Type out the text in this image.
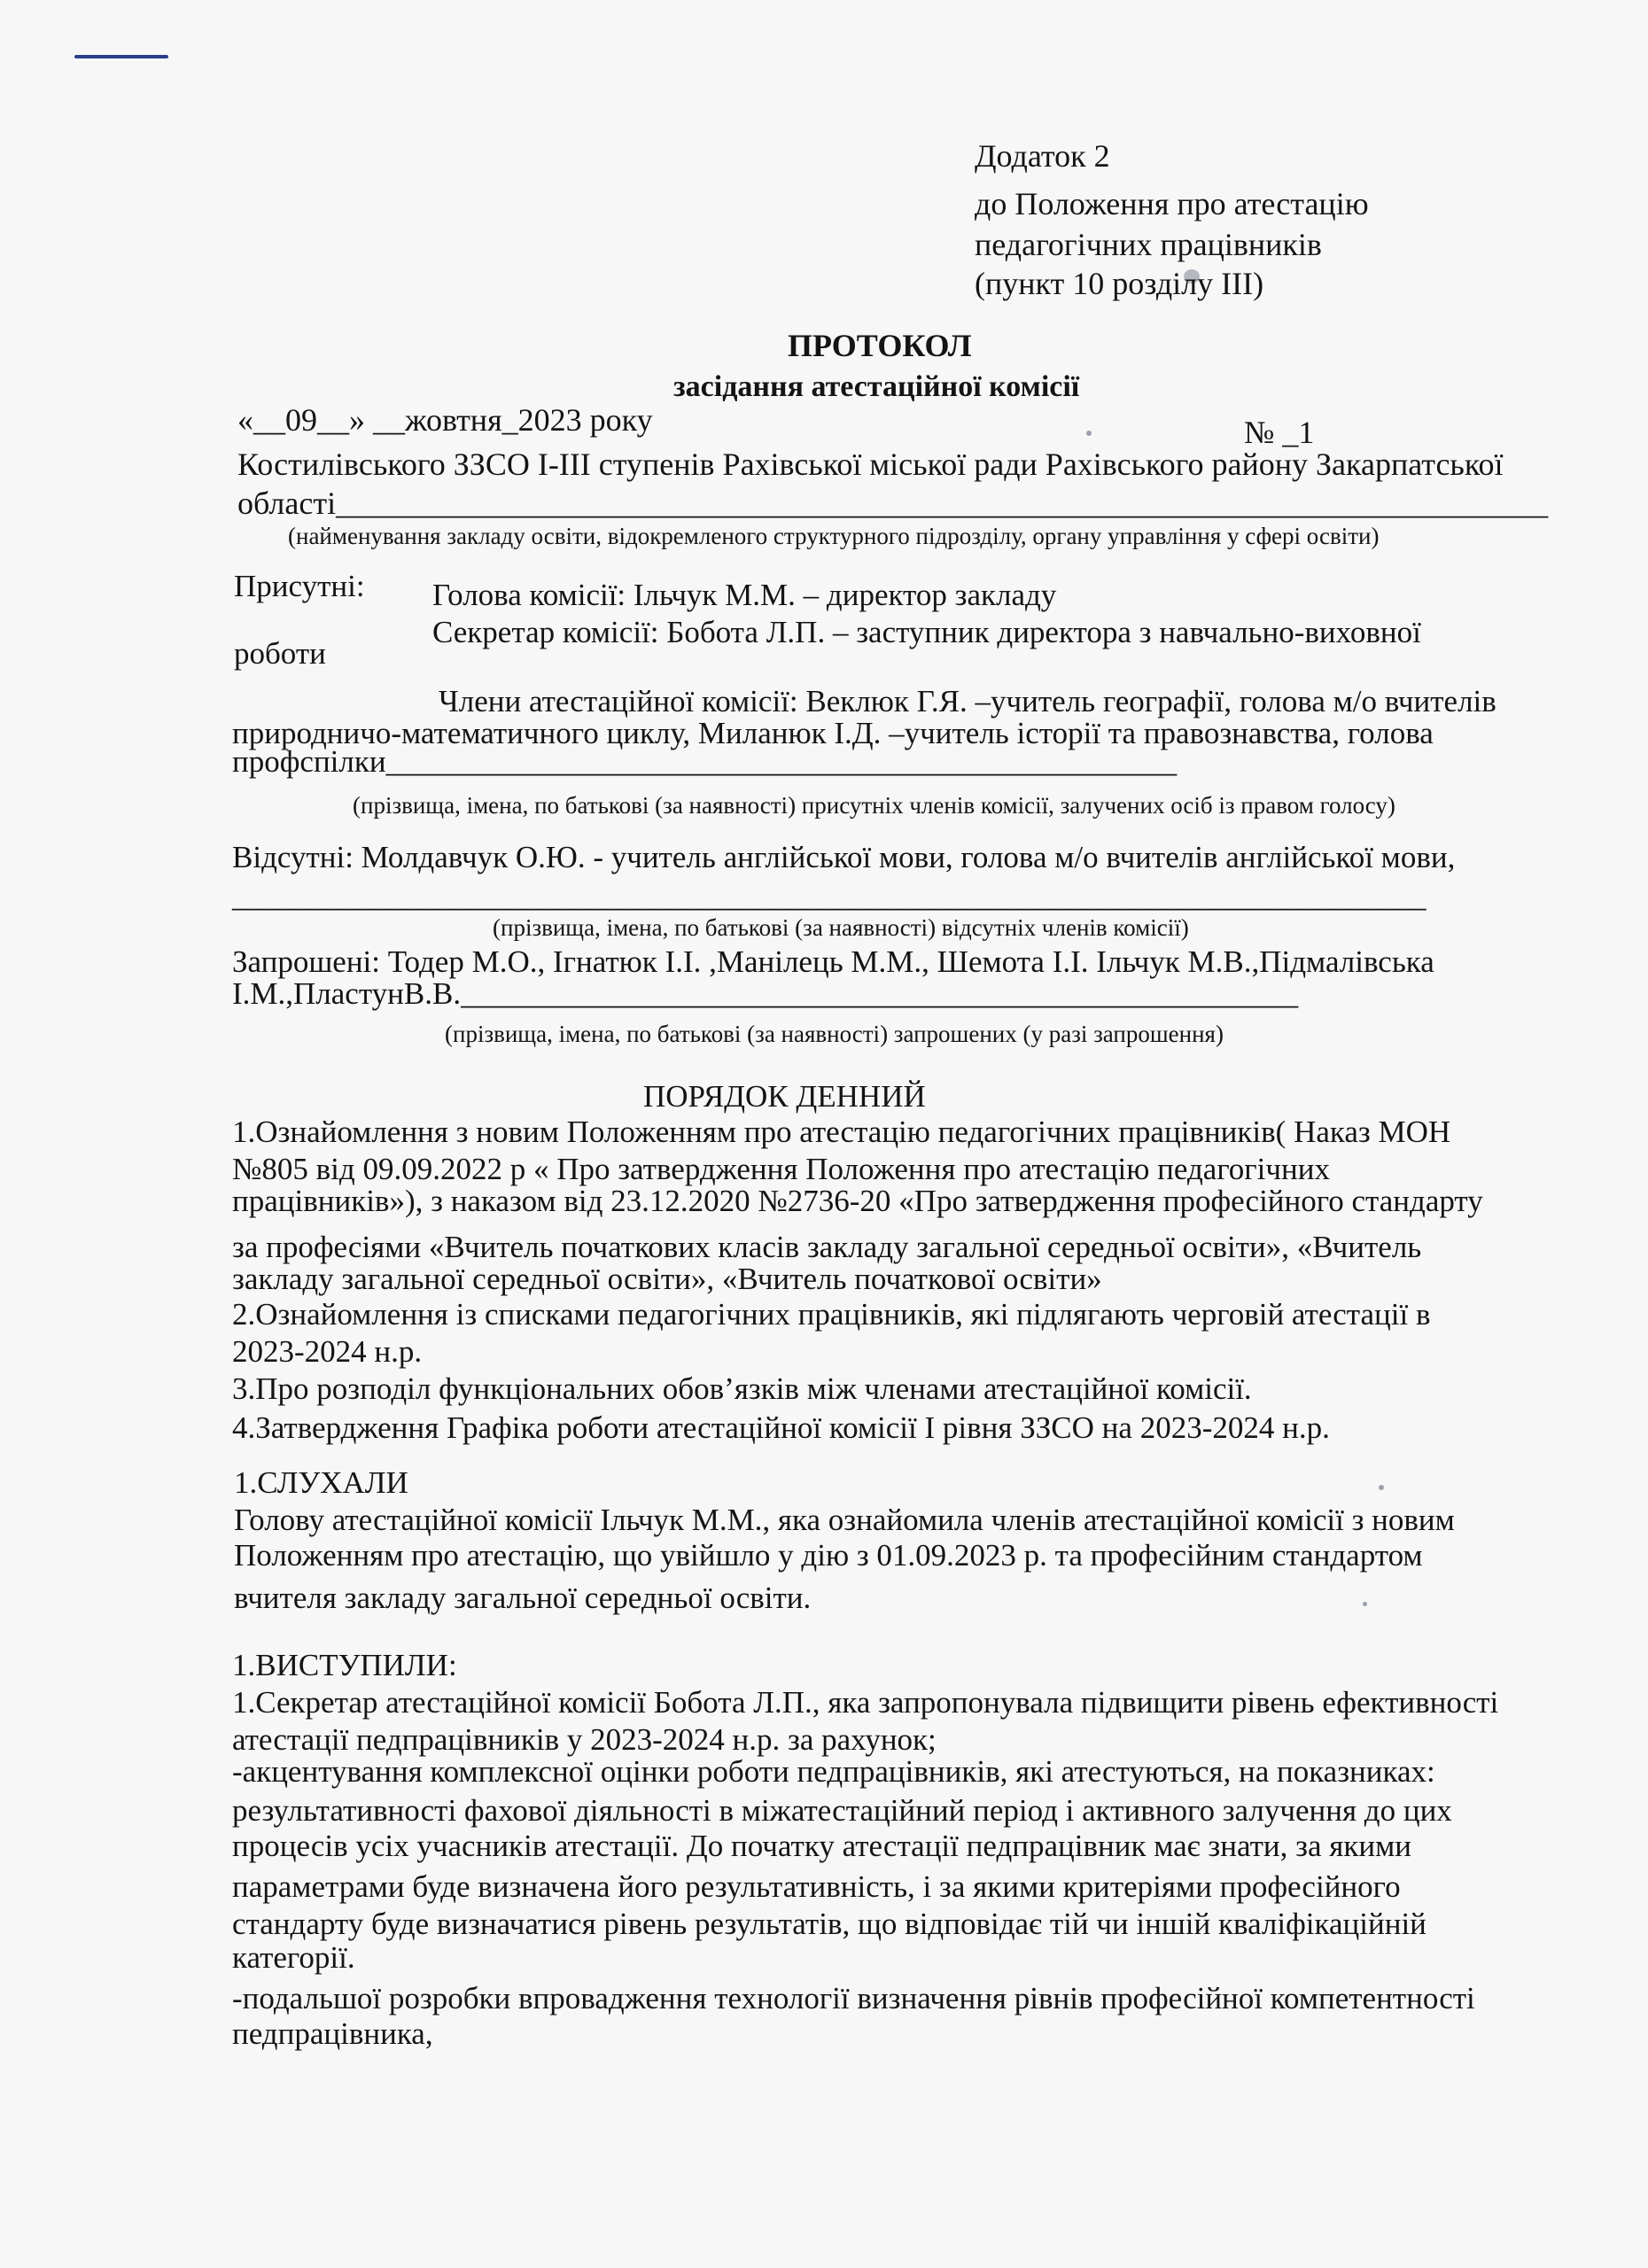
Додаток 2
до Положення про атестацію
педагогічних працівників
(пункт 10 розділу III)
ПРОТОКОЛ
засідання атестаційної комісії
«__09__» __жовтня_2023 року	№ _1
Костилівського ЗЗСО І-ІІІ ступенів Рахівської міської ради Рахівського району Закарпатської
області____________________________________________________________________________
(найменування закладу освіти, відокремленого структурного підрозділу, органу управління у сфері освіти)
Присутні: Голова комісії: Ільчук М.М. – директор закладу
Секретар комісії: Бобота Л.П. – заступник директора з навчально-виховної
роботи
Члени атестаційної комісії: Веклюк Г.Я. –учитель географії, голова м/о вчителів
природничо-математичного циклу, Миланюк І.Д. –учитель історії та правознавства, голова
профспілки___________________________________________________
(прізвища, імена, по батькові (за наявності) присутніх членів комісії, залучених осіб із правом голосу)
Відсутні: Молдавчук О.Ю. - учитель англійської мови, голова м/о вчителів англійської мови,
_____________________________________________________________________________
(прізвища, імена, по батькові (за наявності) відсутніх членів комісії)
Запрошені: Тодер М.О., Ігнатюк І.І. ,Манілець М.М., Шемота І.І. Ільчук М.В.,Підмалівська
І.М.,ПластунВ.В.______________________________________________________
(прізвища, імена, по батькові (за наявності) запрошених (у разі запрошення)
ПОРЯДОК ДЕННИЙ
1.Ознайомлення з новим Положенням про атестацію педагогічних працівників( Наказ МОН
№805 від 09.09.2022 р « Про затвердження Положення про атестацію педагогічних
працівників»), з наказом від 23.12.2020 №2736-20 «Про затвердження професійного стандарту
за професіями «Вчитель початкових класів закладу загальної середньої освіти», «Вчитель
закладу загальної середньої освіти», «Вчитель початкової освіти»
2.Ознайомлення із списками педагогічних працівників, які підлягають черговій атестації в
2023-2024 н.р.
3.Про розподіл функціональних обов’язків між членами атестаційної комісії.
4.Затвердження Графіка роботи атестаційної комісії І рівня ЗЗСО на 2023-2024 н.р.
1.СЛУХАЛИ
Голову атестаційної комісії Ільчук М.М., яка ознайомила членів атестаційної комісії з новим
Положенням про атестацію, що увійшло у дію з 01.09.2023 р. та професійним стандартом
вчителя закладу загальної середньої освіти.
1.ВИСТУПИЛИ:
1.Секретар атестаційної комісії Бобота Л.П., яка запропонувала підвищити рівень ефективності
атестації педпрацівників у 2023-2024 н.р. за рахунок;
-акцентування комплексної оцінки роботи педпрацівників, які атестуються, на показниках:
результативності фахової діяльності в міжатестаційний період і активного залучення до цих
процесів усіх учасників атестації. До початку атестації педпрацівник має знати, за якими
параметрами буде визначена його результативність, і за якими критеріями професійного
стандарту буде визначатися рівень результатів, що відповідає тій чи іншій кваліфікаційній
категорії.
-подальшої розробки впровадження технології визначення рівнів професійної компетентності
педпрацівника,
